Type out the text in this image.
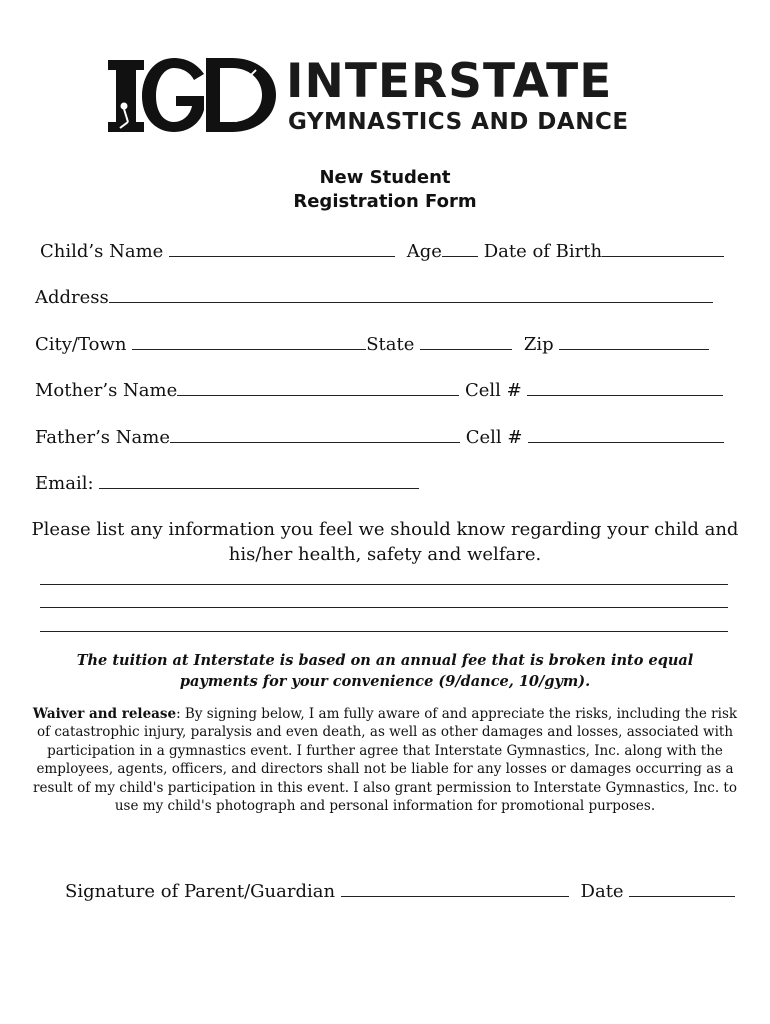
INTERSTATE
GYMNASTICS AND DANCE
New Student
Registration Form
Child’s Name	Age Date of Birth
Address
City/Town	State	Zip
Mother’s Name	Cell #
Father’s Name	Cell #
Email:
Please list any information you feel we should know regarding your child and his/her health, safety and welfare.
The tuition at Interstate is based on an annual fee that is broken into equal payments for your convenience (9/dance, 10/gym).
Waiver and release: By signing below, I am fully aware of and appreciate the risks, including the risk of catastrophic injury, paralysis and even death, as well as other damages and losses, associated with participation in a gymnastics event. I further agree that Interstate Gymnastics, Inc. along with the employees, agents, officers, and directors shall not be liable for any losses or damages occurring as a result of my child's participation in this event. I also grant permission to Interstate Gymnastics, Inc. to use my child's photograph and personal information for promotional purposes.
Signature of Parent/Guardian	Date
